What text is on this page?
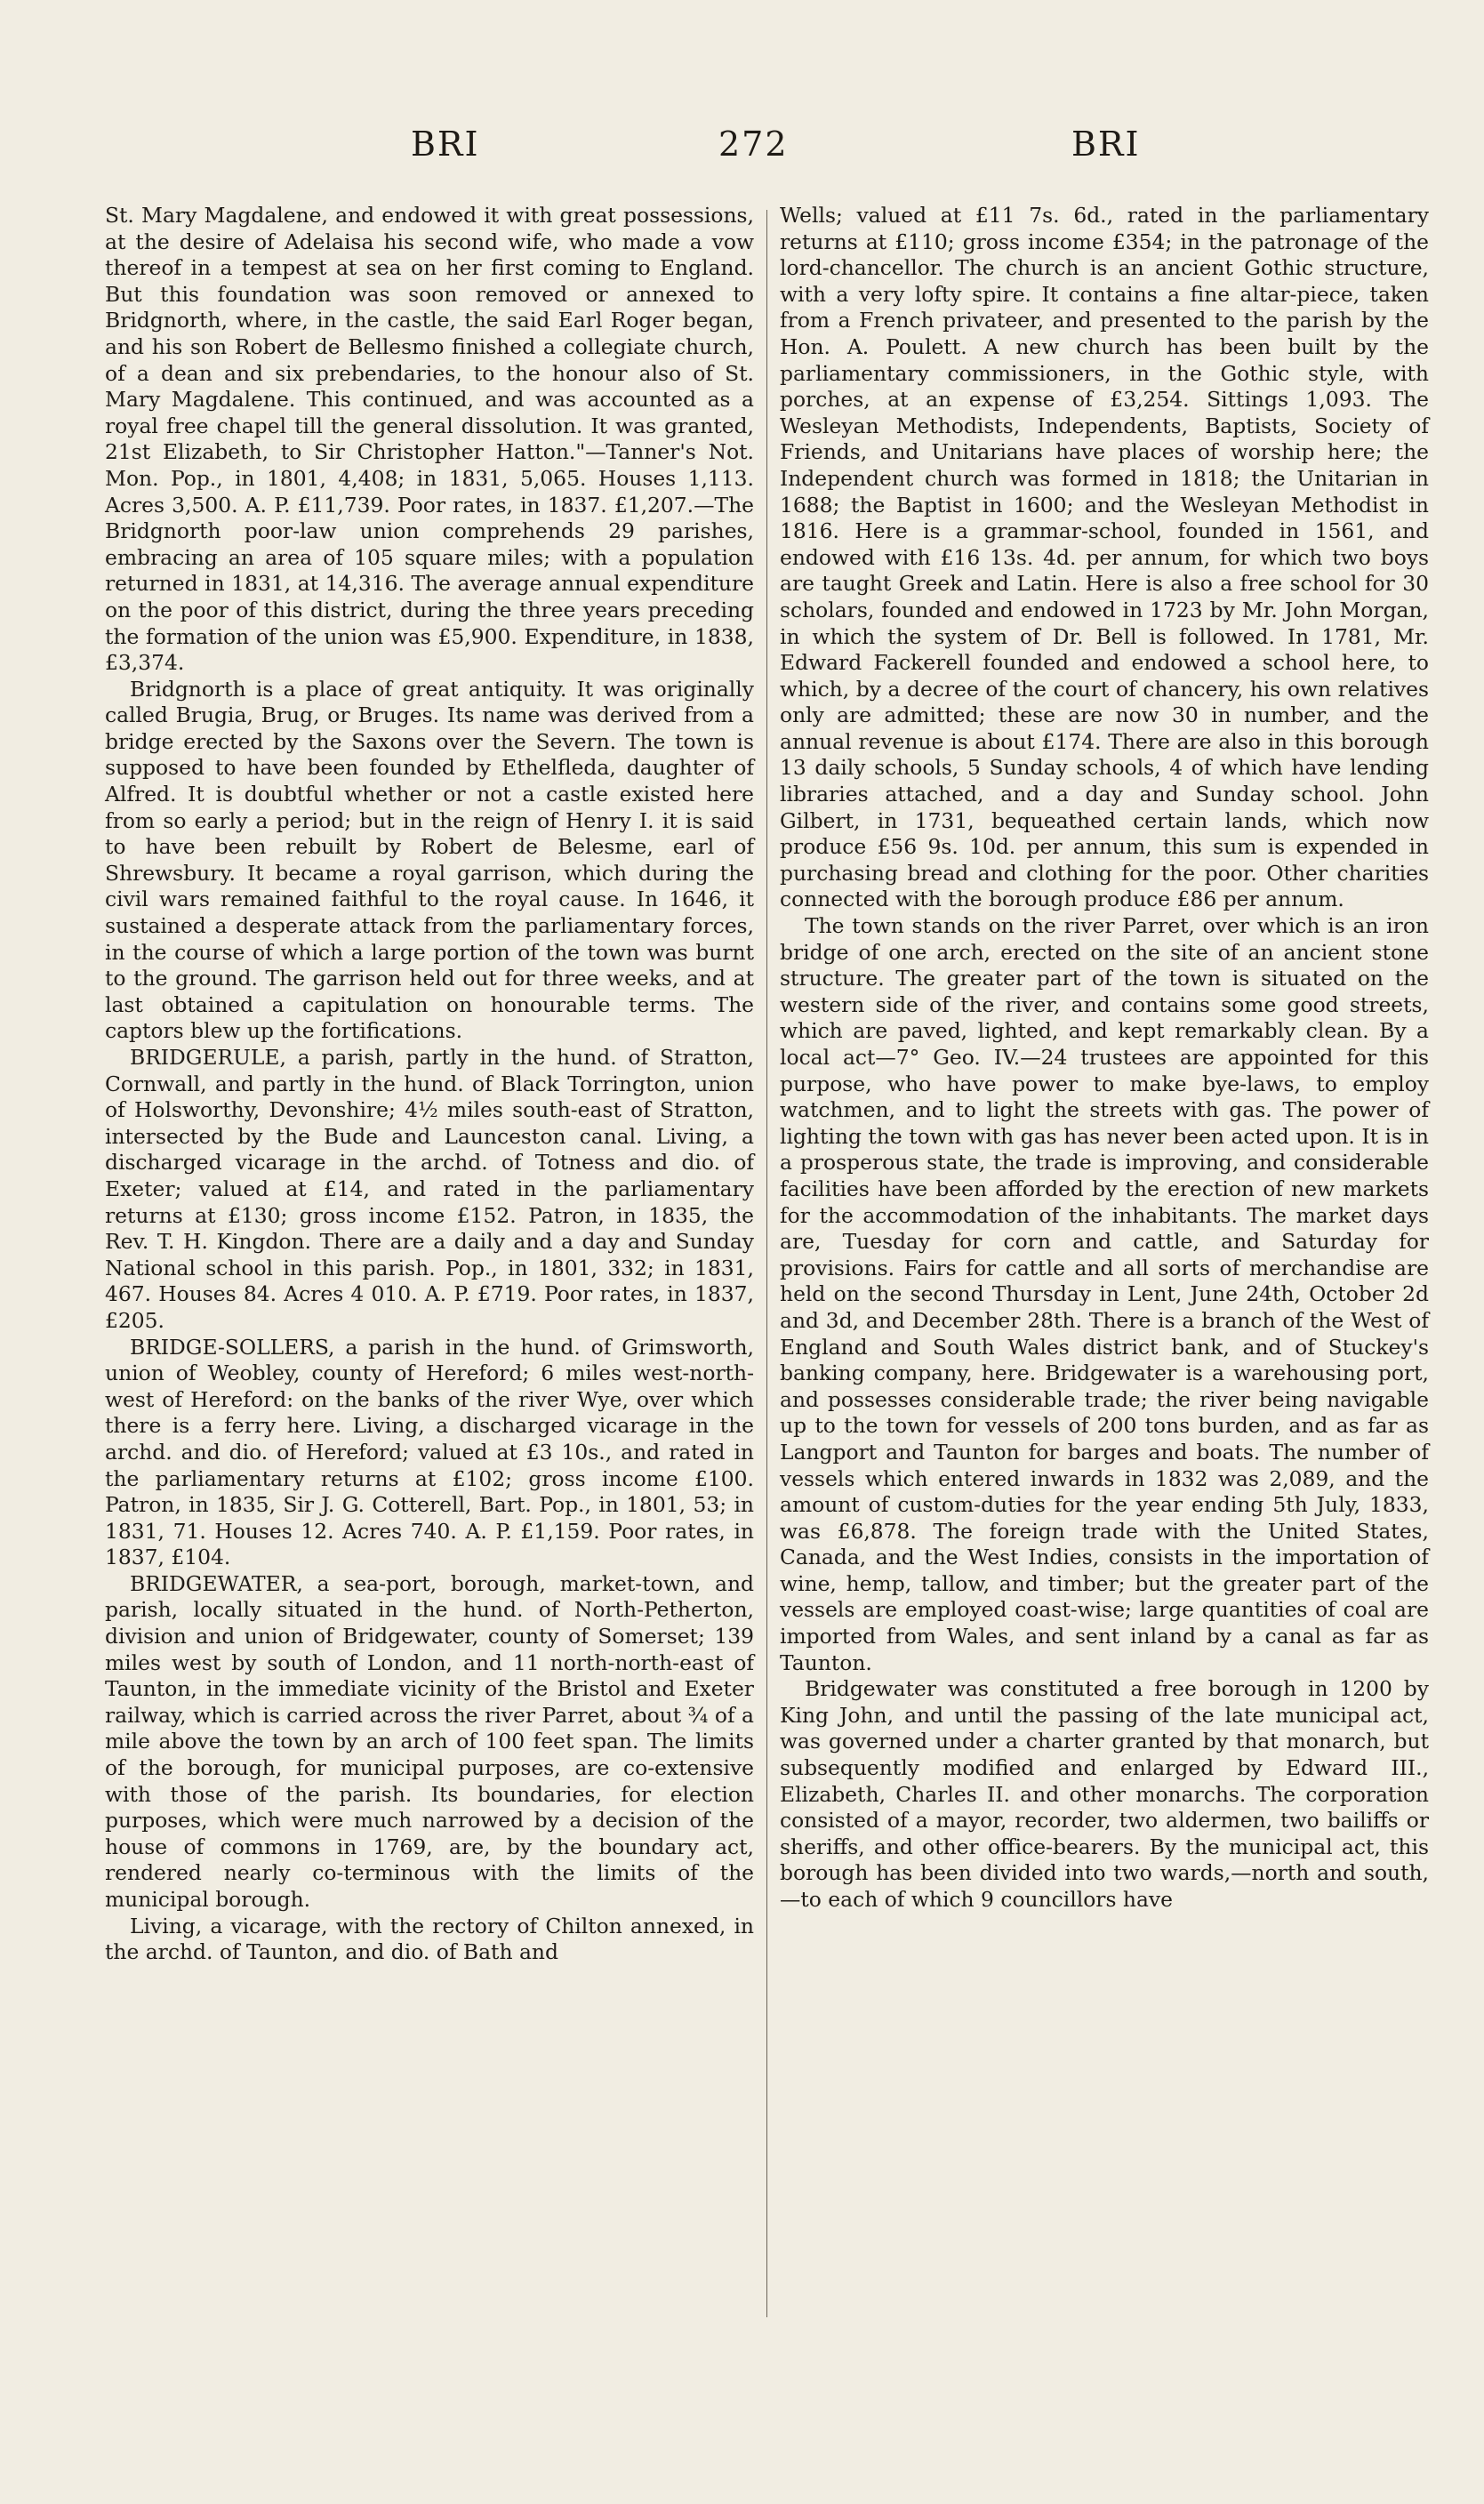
BRI	272	BRI

St. Mary Magdalene, and endowed it with great possessions, at the desire of Adelaisa his second wife, who made a vow thereof in a tempest at sea on her first coming to England. But this foundation was soon removed or annexed to Bridgnorth, where, in the castle, the said Earl Roger began, and his son Robert de Bellesmo finished a collegiate church, of a dean and six prebendaries, to the honour also of St. Mary Magdalene. This continued, and was accounted as a royal free chapel till the general dissolution. It was granted, 21st Elizabeth, to Sir Christopher Hatton."—Tanner's Not. Mon. Pop., in 1801, 4,408; in 1831, 5,065. Houses 1,113. Acres 3,500. A. P. £11,739. Poor rates, in 1837. £1,207.—The Bridgnorth poor-law union comprehends 29 parishes, embracing an area of 105 square miles; with a population returned in 1831, at 14,316. The average annual expenditure on the poor of this district, during the three years preceding the formation of the union was £5,900. Expenditure, in 1838, £3,374.

Bridgnorth is a place of great antiquity. It was originally called Brugia, Brug, or Bruges. Its name was derived from a bridge erected by the Saxons over the Severn. The town is supposed to have been founded by Ethelfleda, daughter of Alfred. It is doubtful whether or not a castle existed here from so early a period; but in the reign of Henry I. it is said to have been rebuilt by Robert de Belesme, earl of Shrewsbury. It became a royal garrison, which during the civil wars remained faithful to the royal cause. In 1646, it sustained a desperate attack from the parliamentary forces, in the course of which a large portion of the town was burnt to the ground. The garrison held out for three weeks, and at last obtained a capitulation on honourable terms. The captors blew up the fortifications.

BRIDGERULE, a parish, partly in the hund. of Stratton, Cornwall, and partly in the hund. of Black Torrington, union of Holsworthy, Devonshire; 4½ miles south-east of Stratton, intersected by the Bude and Launceston canal. Living, a discharged vicarage in the archd. of Totness and dio. of Exeter; valued at £14, and rated in the parliamentary returns at £130; gross income £152. Patron, in 1835, the Rev. T. H. Kingdon. There are a daily and a day and Sunday National school in this parish. Pop., in 1801, 332; in 1831, 467. Houses 84. Acres 4 010. A. P. £719. Poor rates, in 1837, £205.

BRIDGE-SOLLERS, a parish in the hund. of Grimsworth, union of Weobley, county of Hereford; 6 miles west-north-west of Hereford: on the banks of the river Wye, over which there is a ferry here. Living, a discharged vicarage in the archd. and dio. of Hereford; valued at £3 10s., and rated in the parliamentary returns at £102; gross income £100. Patron, in 1835, Sir J. G. Cotterell, Bart. Pop., in 1801, 53; in 1831, 71. Houses 12. Acres 740. A. P. £1,159. Poor rates, in 1837, £104.

BRIDGEWATER, a sea-port, borough, market-town, and parish, locally situated in the hund. of North-Petherton, division and union of Bridgewater, county of Somerset; 139 miles west by south of London, and 11 north-north-east of Taunton, in the immediate vicinity of the Bristol and Exeter railway, which is carried across the river Parret, about ¾ of a mile above the town by an arch of 100 feet span. The limits of the borough, for municipal purposes, are co-extensive with those of the parish. Its boundaries, for election purposes, which were much narrowed by a decision of the house of commons in 1769, are, by the boundary act, rendered nearly co-terminous with the limits of the municipal borough.

Living, a vicarage, with the rectory of Chilton annexed, in the archd. of Taunton, and dio. of Bath and

Wells; valued at £11 7s. 6d., rated in the parliamentary returns at £110; gross income £354; in the patronage of the lord-chancellor. The church is an ancient Gothic structure, with a very lofty spire. It contains a fine altar-piece, taken from a French privateer, and presented to the parish by the Hon. A. Poulett. A new church has been built by the parliamentary commissioners, in the Gothic style, with porches, at an expense of £3,254. Sittings 1,093. The Wesleyan Methodists, Independents, Baptists, Society of Friends, and Unitarians have places of worship here; the Independent church was formed in 1818; the Unitarian in 1688; the Baptist in 1600; and the Wesleyan Methodist in 1816. Here is a grammar-school, founded in 1561, and endowed with £16 13s. 4d. per annum, for which two boys are taught Greek and Latin. Here is also a free school for 30 scholars, founded and endowed in 1723 by Mr. John Morgan, in which the system of Dr. Bell is followed. In 1781, Mr. Edward Fackerell founded and endowed a school here, to which, by a decree of the court of chancery, his own relatives only are admitted; these are now 30 in number, and the annual revenue is about £174. There are also in this borough 13 daily schools, 5 Sunday schools, 4 of which have lending libraries attached, and a day and Sunday school. John Gilbert, in 1731, bequeathed certain lands, which now produce £56 9s. 10d. per annum, this sum is expended in purchasing bread and clothing for the poor. Other charities connected with the borough produce £86 per annum.

The town stands on the river Parret, over which is an iron bridge of one arch, erected on the site of an ancient stone structure. The greater part of the town is situated on the western side of the river, and contains some good streets, which are paved, lighted, and kept remarkably clean. By a local act—7° Geo. IV.—24 trustees are appointed for this purpose, who have power to make bye-laws, to employ watchmen, and to light the streets with gas. The power of lighting the town with gas has never been acted upon. It is in a prosperous state, the trade is improving, and considerable facilities have been afforded by the erection of new markets for the accommodation of the inhabitants. The market days are, Tuesday for corn and cattle, and Saturday for provisions. Fairs for cattle and all sorts of merchandise are held on the second Thursday in Lent, June 24th, October 2d and 3d, and December 28th. There is a branch of the West of England and South Wales district bank, and of Stuckey's banking company, here. Bridgewater is a warehousing port, and possesses considerable trade; the river being navigable up to the town for vessels of 200 tons burden, and as far as Langport and Taunton for barges and boats. The number of vessels which entered inwards in 1832 was 2,089, and the amount of custom-duties for the year ending 5th July, 1833, was £6,878. The foreign trade with the United States, Canada, and the West Indies, consists in the importation of wine, hemp, tallow, and timber; but the greater part of the vessels are employed coast-wise; large quantities of coal are imported from Wales, and sent inland by a canal as far as Taunton.

Bridgewater was constituted a free borough in 1200 by King John, and until the passing of the late municipal act, was governed under a charter granted by that monarch, but subsequently modified and enlarged by Edward III., Elizabeth, Charles II. and other monarchs. The corporation consisted of a mayor, recorder, two aldermen, two bailiffs or sheriffs, and other office-bearers. By the municipal act, this borough has been divided into two wards,—north and south,—to each of which 9 councillors have
